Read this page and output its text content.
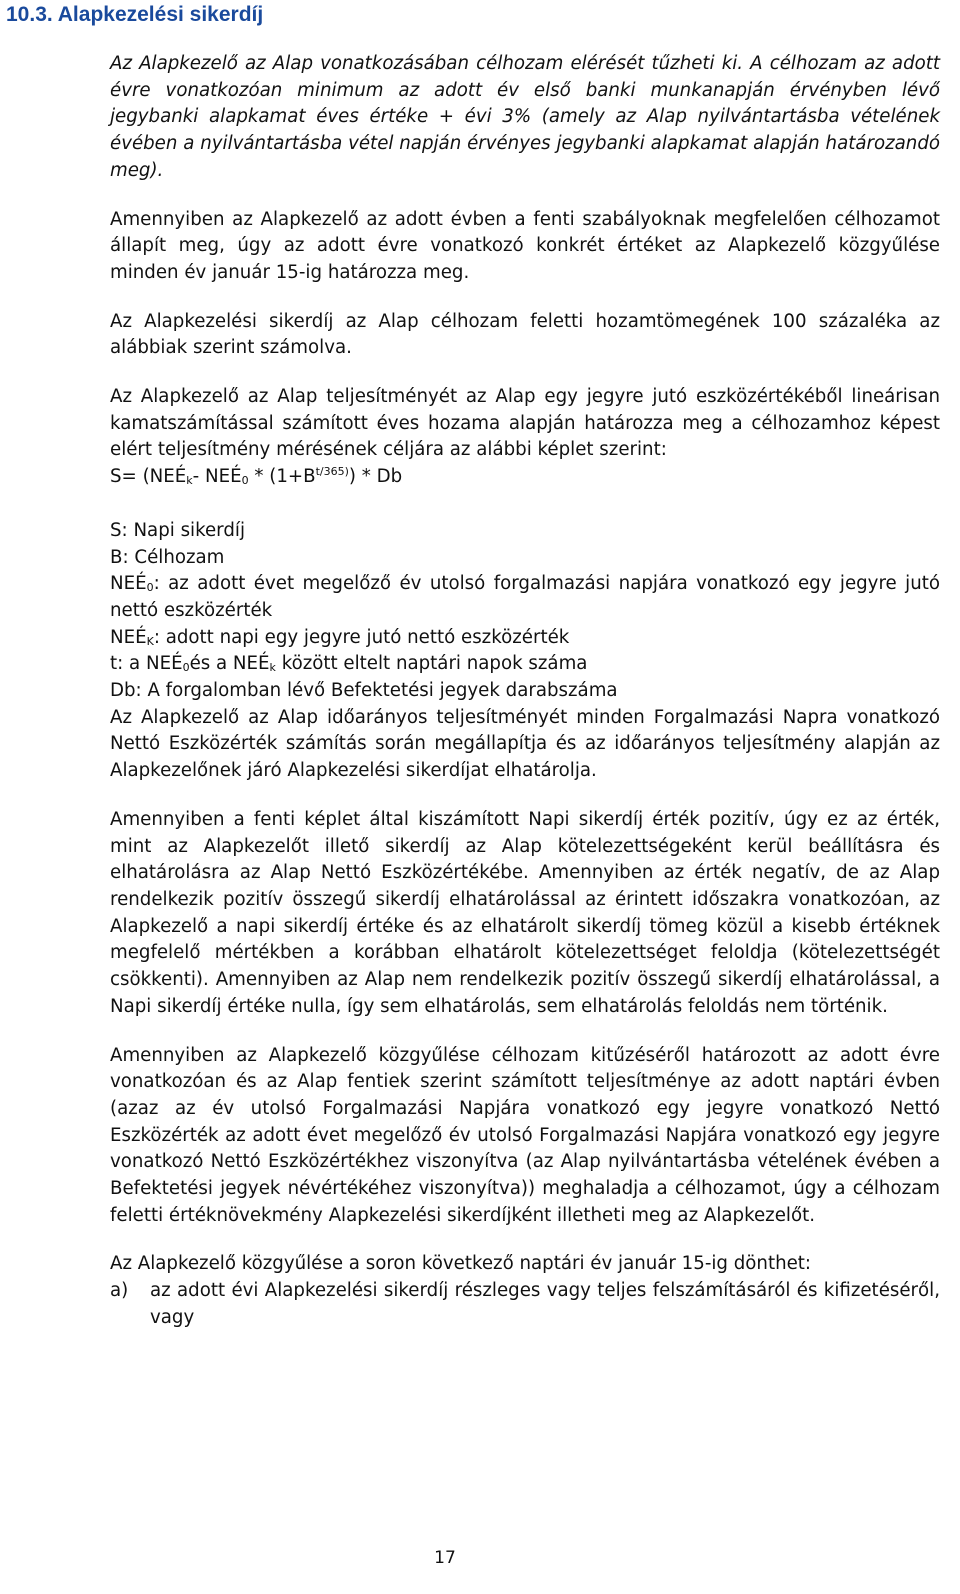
10.3. Alapkezelési sikerdíj

Az Alapkezelő az Alap vonatkozásában célhozam elérését tűzheti ki. A célhozam az adott évre vonatkozóan minimum az adott év első banki munkanapján érvényben lévő jegybanki alapkamat éves értéke + évi 3% (amely az Alap nyilvántartásba vételének évében a nyilvántartásba vétel napján érvényes jegybanki alapkamat alapján határozandó meg).

Amennyiben az Alapkezelő az adott évben a fenti szabályoknak megfelelően célhozamot állapít meg, úgy az adott évre vonatkozó konkrét értéket az Alapkezelő közgyűlése minden év január 15-ig határozza meg.

Az Alapkezelési sikerdíj az Alap célhozam feletti hozamtömegének 100 százaléka az alábbiak szerint számolva.

Az Alapkezelő az Alap teljesítményét az Alap egy jegyre jutó eszközértékéből lineárisan kamatszámítással számított éves hozama alapján határozza meg a célhozamhoz képest elért teljesítmény mérésének céljára az alábbi képlet szerint:

$S= (NEÉ_k-$ $NEÉ_0 * (1+B^{t/365)}) * Db$

S: Napi sikerdíj

B: Célhozam

$NEÉ_0$: az adott évet megelőző év utolsó forgalmazási napjára vonatkozó egy jegyre jutó nettó eszközérték

$NEÉ_K$: adott napi egy jegyre jutó nettó eszközérték

t: a $NEÉ_0és$ a $NEÉ_k$ között eltelt naptári napok száma

Db: A forgalomban lévő Befektetési jegyek darabszáma

Az Alapkezelő az Alap időarányos teljesítményét minden Forgalmazási Napra vonatkozó Nettó Eszközérték számítás során megállapítja és az időarányos teljesítmény alapján az Alapkezelőnek járó Alapkezelési sikerdíjat elhatárolja.

Amennyiben a fenti képlet által kiszámított Napi sikerdíj érték pozitív, úgy ez az érték, mint az Alapkezelőt illető sikerdíj az Alap kötelezettségeként kerül beállításra és elhatárolásra az Alap Nettó Eszközértékébe. Amennyiben az érték negatív, de az Alap rendelkezik pozitív összegű sikerdíj elhatárolással az érintett időszakra vonatkozóan, az Alapkezelő a napi sikerdíj értéke és az elhatárolt sikerdíj tömeg közül a kisebb értéknek megfelelő mértékben a korábban elhatárolt kötelezettséget feloldja (kötelezettségét csökkenti). Amennyiben az Alap nem rendelkezik pozitív összegű sikerdíj elhatárolással, a Napi sikerdíj értéke nulla, így sem elhatárolás, sem elhatárolás feloldás nem történik.

Amennyiben az Alapkezelő közgyűlése célhozam kitűzéséről határozott az adott évre vonatkozóan és az Alap fentiek szerint számított teljesítménye az adott naptári évben (azaz az év utolsó Forgalmazási Napjára vonatkozó egy jegyre vonatkozó Nettó Eszközérték az adott évet megelőző év utolsó Forgalmazási Napjára vonatkozó egy jegyre vonatkozó Nettó Eszközértékhez viszonyítva (az Alap nyilvántartásba vételének évében a Befektetési jegyek névértékéhez viszonyítva)) meghaladja a célhozamot, úgy a célhozam feletti értéknövekmény Alapkezelési sikerdíjként illetheti meg az Alapkezelőt.

Az Alapkezelő közgyűlése a soron következő naptári év január 15-ig dönthet:

a)	az adott évi Alapkezelési sikerdíj részleges vagy teljes felszámításáról és kifizetéséről, vagy
17
